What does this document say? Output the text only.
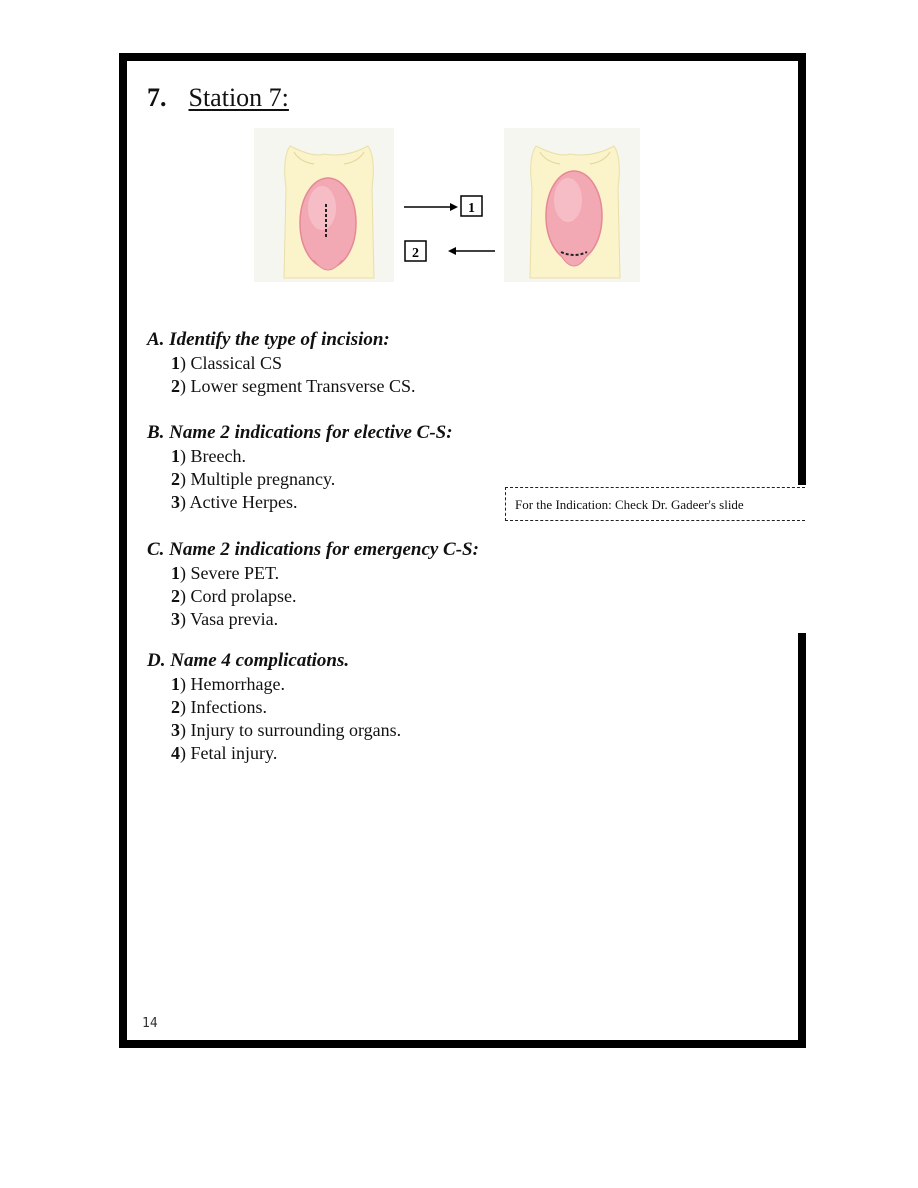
7. Station 7:
1
2
A. Identify the type of incision:
1) Classical CS
2) Lower segment Transverse CS.
B. Name 2 indications for elective C-S:
1) Breech.
2) Multiple pregnancy.
3) Active Herpes.	For the Indication: Check Dr. Gadeer's slide
C. Name 2 indications for emergency C-S:
1) Severe PET.
2) Cord prolapse.
3) Vasa previa.
D. Name 4 complications.
1) Hemorrhage.
2) Infections.
3) Injury to surrounding organs.
4) Fetal injury.
14
